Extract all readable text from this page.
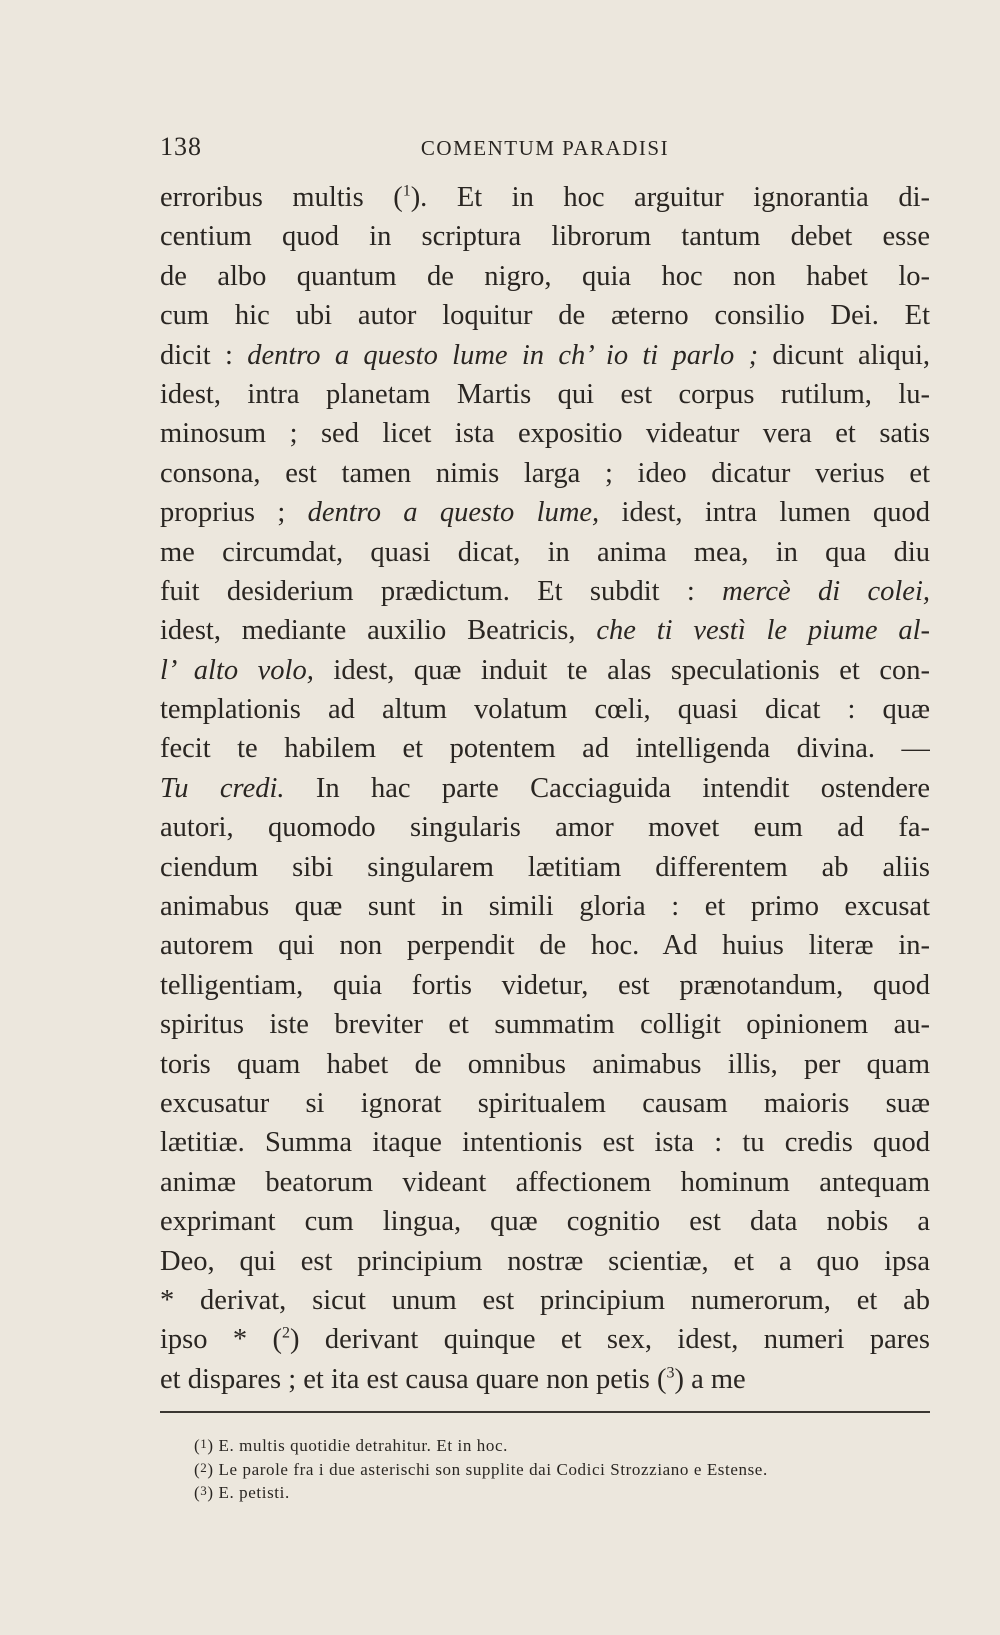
138	COMENTUM PARADISI
erroribus multis ($^1$). Et in hoc arguitur ignorantia di-
centium quod in scriptura librorum tantum debet esse
de albo quantum de nigro, quia hoc non habet lo-
cum hic ubi autor loquitur de æterno consilio Dei. Et
dicit : dentro a questo lume in ch’ io ti parlo ; dicunt aliqui,
idest, intra planetam Martis qui est corpus rutilum, lu-
minosum ; sed licet ista expositio videatur vera et satis
consona, est tamen nimis larga ; ideo dicatur verius et
proprius ; dentro a questo lume, idest, intra lumen quod
me circumdat, quasi dicat, in anima mea, in qua diu
fuit desiderium prædictum. Et subdit : mercè di colei,
idest, mediante auxilio Beatricis, che ti vestì le piume al-
l’ alto volo, idest, quæ induit te alas speculationis et con-
templationis ad altum volatum cœli, quasi dicat : quæ
fecit te habilem et potentem ad intelligenda divina. —
Tu credi. In hac parte Cacciaguida intendit ostendere
autori, quomodo singularis amor movet eum ad fa-
ciendum sibi singularem lætitiam differentem ab aliis
animabus quæ sunt in simili gloria : et primo excusat
autorem qui non perpendit de hoc. Ad huius literæ in-
telligentiam, quia fortis videtur, est prænotandum, quod
spiritus iste breviter et summatim colligit opinionem au-
toris quam habet de omnibus animabus illis, per quam
excusatur si ignorat spiritualem causam maioris suæ
lætitiæ. Summa itaque intentionis est ista : tu credis quod
animæ beatorum videant affectionem hominum antequam
exprimant cum lingua, quæ cognitio est data nobis a
Deo, qui est principium nostræ scientiæ, et a quo ipsa
* derivat, sicut unum est principium numerorum, et ab
ipso * ($^2$) derivant quinque et sex, idest, numeri pares
et dispares ; et ita est causa quare non petis ($^3$) a me
(1) E. multis quotidie detrahitur. Et in hoc.
(2) Le parole fra i due asterischi son supplite dai Codici Strozziano e Estense.
(3) E. petisti.
